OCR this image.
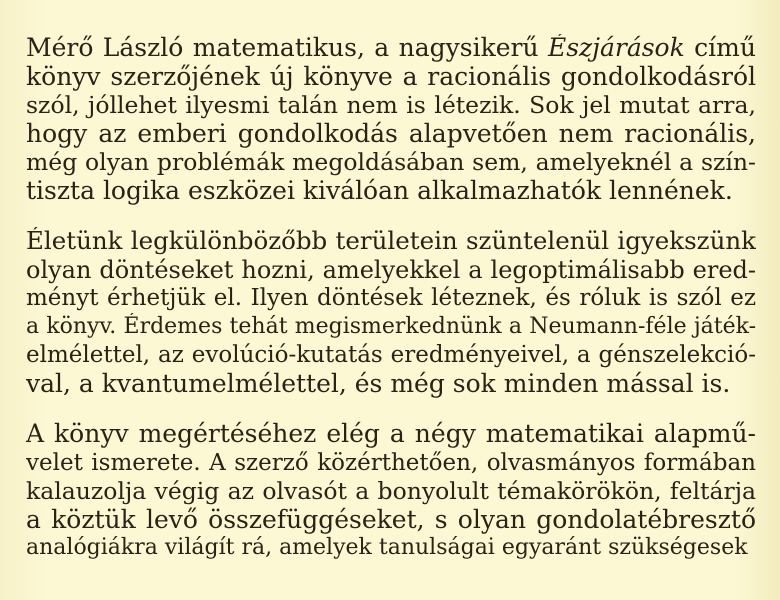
Mérő László matematikus, a nagysikerű Észjárások című
könyv szerzőjének új könyve a racionális gondolkodásról
szól, jóllehet ilyesmi talán nem is létezik. Sok jel mutat arra,
hogy az emberi gondolkodás alapvetően nem racionális,
még olyan problémák megoldásában sem, amelyeknél a szín-
tiszta logika eszközei kiválóan alkalmazhatók lennének.

Életünk legkülönbözőbb területein szüntelenül igyekszünk
olyan döntéseket hozni, amelyekkel a legoptimálisabb ered-
ményt érhetjük el. Ilyen döntések léteznek, és róluk is szól ez
a könyv. Érdemes tehát megismerkednünk a Neumann-féle játék-
elmélettel, az evolúció-kutatás eredményeivel, a génszelekció-
val, a kvantumelmélettel, és még sok minden mással is.

A könyv megértéséhez elég a négy matematikai alapmű-
velet ismerete. A szerző közérthetően, olvasmányos formában
kalauzolja végig az olvasót a bonyolult témakörökön, feltárja
a köztük levő összefüggéseket, s olyan gondolatébresztő
analógiákra világít rá, amelyek tanulságai egyaránt szükségesek
